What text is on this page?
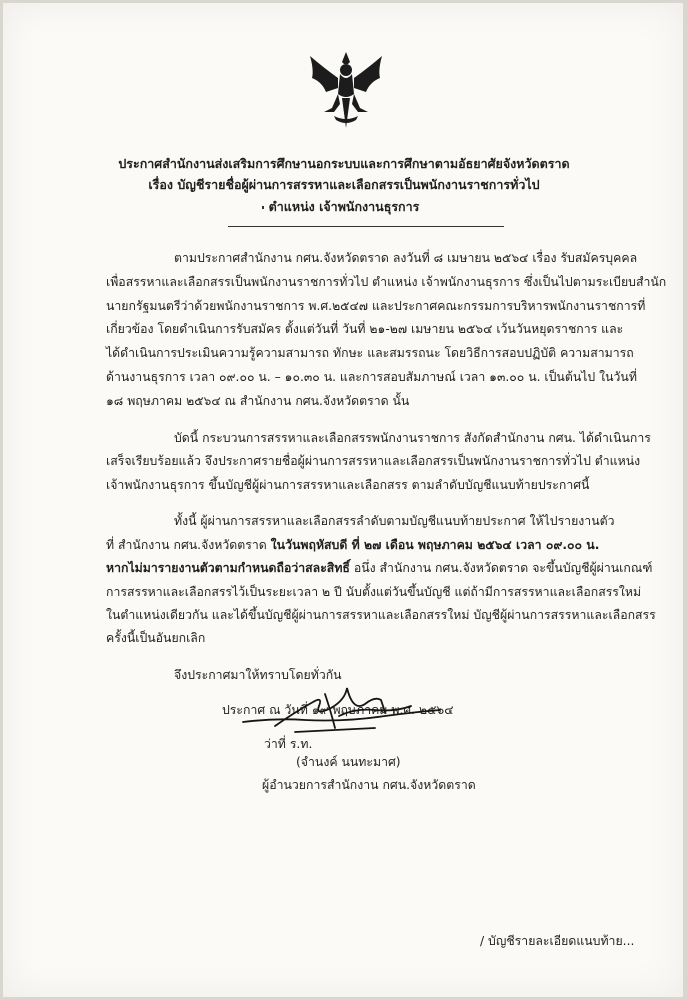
ประกาศสำนักงานส่งเสริมการศึกษานอกระบบและการศึกษาตามอัธยาศัยจังหวัดตราด
เรื่อง บัญชีรายชื่อผู้ผ่านการสรรหาและเลือกสรรเป็นพนักงานราชการทั่วไป
ตำแหน่ง เจ้าพนักงานธุรการ
ตามประกาศสำนักงาน กศน.จังหวัดตราด ลงวันที่ ๘ เมษายน ๒๕๖๔ เรื่อง รับสมัครบุคคล
เพื่อสรรหาและเลือกสรรเป็นพนักงานราชการทั่วไป ตำแหน่ง เจ้าพนักงานธุรการ ซึ่งเป็นไปตามระเบียบสำนัก
นายกรัฐมนตรีว่าด้วยพนักงานราชการ พ.ศ.๒๕๔๗ และประกาศคณะกรรมการบริหารพนักงานราชการที่
เกี่ยวข้อง โดยดำเนินการรับสมัคร ตั้งแต่วันที่ วันที่ ๒๑-๒๗ เมษายน ๒๕๖๔ เว้นวันหยุดราชการ และ
ได้ดำเนินการประเมินความรู้ความสามารถ ทักษะ และสมรรถนะ โดยวิธีการสอบปฏิบัติ ความสามารถ
ด้านงานธุรการ เวลา ๐๙.๐๐ น. – ๑๐.๓๐ น. และการสอบสัมภาษณ์ เวลา ๑๓.๐๐ น. เป็นต้นไป ในวันที่
๑๘ พฤษภาคม ๒๕๖๔ ณ สำนักงาน กศน.จังหวัดตราด นั้น
บัดนี้ กระบวนการสรรหาและเลือกสรรพนักงานราชการ สังกัดสำนักงาน กศน. ได้ดำเนินการ
เสร็จเรียบร้อยแล้ว จึงประกาศรายชื่อผู้ผ่านการสรรหาและเลือกสรรเป็นพนักงานราชการทั่วไป ตำแหน่ง
เจ้าพนักงานธุรการ ขึ้นบัญชีผู้ผ่านการสรรหาและเลือกสรร ตามลำดับบัญชีแนบท้ายประกาศนี้
ทั้งนี้ ผู้ผ่านการสรรหาและเลือกสรรลำดับตามบัญชีแนบท้ายประกาศ ให้ไปรายงานตัว
ที่ สำนักงาน กศน.จังหวัดตราด ในวันพฤหัสบดี ที่ ๒๗ เดือน พฤษภาคม ๒๕๖๔ เวลา ๐๙.๐๐ น.
หากไม่มารายงานตัวตามกำหนดถือว่าสละสิทธิ์ อนึ่ง สำนักงาน กศน.จังหวัดตราด จะขึ้นบัญชีผู้ผ่านเกณฑ์
การสรรหาและเลือกสรรไว้เป็นระยะเวลา ๒ ปี นับตั้งแต่วันขึ้นบัญชี แต่ถ้ามีการสรรหาและเลือกสรรใหม่
ในตำแหน่งเดียวกัน และได้ขึ้นบัญชีผู้ผ่านการสรรหาและเลือกสรรใหม่ บัญชีผู้ผ่านการสรรหาและเลือกสรร
ครั้งนี้เป็นอันยกเลิก
จึงประกาศมาให้ทราบโดยทั่วกัน
ประกาศ ณ วันที่ ๑๙ พฤษภาคม พ.ศ. ๒๕๖๔
ว่าที่ ร.ท.
(จำนงค์ นนทะมาศ)
ผู้อำนวยการสำนักงาน กศน.จังหวัดตราด
/ บัญชีรายละเอียดแนบท้าย...
